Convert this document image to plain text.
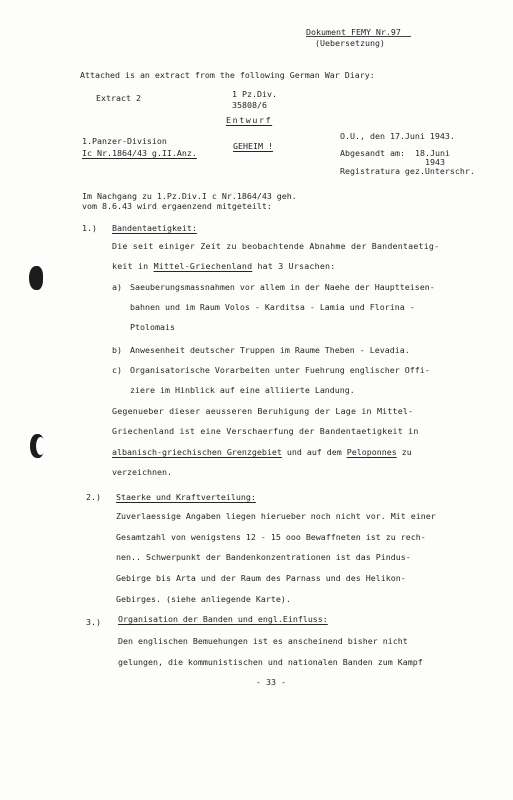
Dokument FEMY Nr.97
(Uebersetzung)
Attached is an extract from the following German War Diary:
Extract 2	1 Pz.Div.
35808/6
Entwurf
1.Panzer-Division
Ic Nr.1864/43 g.II.Anz.
GEHEIM !
O.U., den 17.Juni 1943.
Abgesandt am: 18.Juni
1943
Registratura gez.Unterschr.
Im Nachgang zu 1.Pz.Div.I c Nr.1864/43 geh.
vom 8.6.43 wird ergaenzend mitgeteilt:
1.) Bandentaetigkeit:
Die seit einiger Zeit zu beobachtende Abnahme der Bandentaetig-
keit in Mittel-Griechenland hat 3 Ursachen:
a) Saeuberungsmassnahmen vor allem in der Naehe der Hauptteisen-
bahnen und im Raum Volos - Karditsa - Lamia und Florina -
Ptolomais
b) Anwesenheit deutscher Truppen im Raume Theben - Levadia.
c) Organisatorische Vorarbeiten unter Fuehrung englischer Offi-
ziere im Hinblick auf eine alliierte Landung.
Gegenueber dieser aeusseren Beruhigung der Lage in Mittel-
Griechenland ist eine Verschaerfung der Bandentaetigkeit in
albanisch-griechischen Grenzgebiet und auf dem Peloponnes zu
verzeichnen.
2.) Staerke und Kraftverteilung:
Zuverlaessige Angaben liegen hierueber noch nicht vor. Mit einer
Gesamtzahl von wenigstens 12 - 15 ooo Bewaffneten ist zu rech-
nen.. Schwerpunkt der Bandenkonzentrationen ist das Pindus-
Gebirge bis Arta und der Raum des Parnass und des Helikon-
Gebirges. (siehe anliegende Karte).
3.) Organisation der Banden und engl.Einfluss:
Den englischen Bemuehungen ist es anscheinend bisher nicht
gelungen, die kommunistischen und nationalen Banden zum Kampf
- 33 -
